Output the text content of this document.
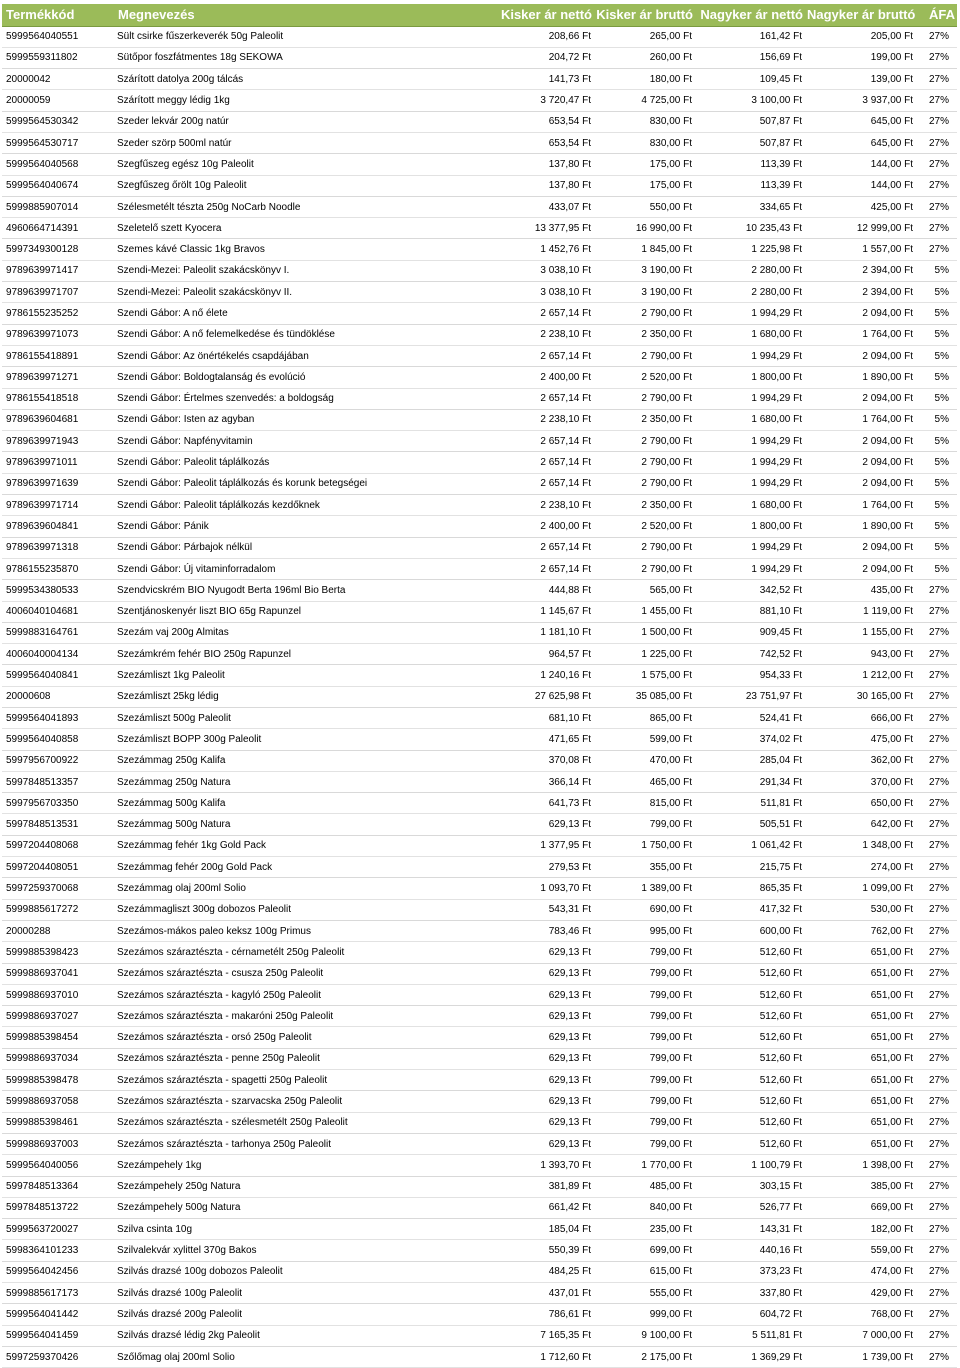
Termékkód	Megnevezés	Kisker ár nettó	Kisker ár bruttó	Nagyker ár nettó	Nagyker ár bruttó	ÁFA
5999564040551	Sült csirke fűszerkeverék 50g Paleolit	208,66 Ft	265,00 Ft	161,42 Ft	205,00 Ft	27%
5999559311802	Sütőpor foszfátmentes 18g SEKOWA	204,72 Ft	260,00 Ft	156,69 Ft	199,00 Ft	27%
20000042	Szárított datolya 200g tálcás	141,73 Ft	180,00 Ft	109,45 Ft	139,00 Ft	27%
20000059	Szárított meggy lédig 1kg	3 720,47 Ft	4 725,00 Ft	3 100,00 Ft	3 937,00 Ft	27%
5999564530342	Szeder lekvár 200g natúr	653,54 Ft	830,00 Ft	507,87 Ft	645,00 Ft	27%
5999564530717	Szeder szörp 500ml natúr	653,54 Ft	830,00 Ft	507,87 Ft	645,00 Ft	27%
5999564040568	Szegfűszeg egész 10g Paleolit	137,80 Ft	175,00 Ft	113,39 Ft	144,00 Ft	27%
5999564040674	Szegfűszeg őrölt 10g Paleolit	137,80 Ft	175,00 Ft	113,39 Ft	144,00 Ft	27%
5999885907014	Szélesmetélt tészta 250g NoCarb Noodle	433,07 Ft	550,00 Ft	334,65 Ft	425,00 Ft	27%
4960664714391	Szeletelő szett Kyocera	13 377,95 Ft	16 990,00 Ft	10 235,43 Ft	12 999,00 Ft	27%
5997349300128	Szemes kávé Classic 1kg Bravos	1 452,76 Ft	1 845,00 Ft	1 225,98 Ft	1 557,00 Ft	27%
9789639971417	Szendi-Mezei: Paleolit szakácskönyv I.	3 038,10 Ft	3 190,00 Ft	2 280,00 Ft	2 394,00 Ft	5%
9789639971707	Szendi-Mezei: Paleolit szakácskönyv II.	3 038,10 Ft	3 190,00 Ft	2 280,00 Ft	2 394,00 Ft	5%
9786155235252	Szendi Gábor: A nő élete	2 657,14 Ft	2 790,00 Ft	1 994,29 Ft	2 094,00 Ft	5%
9789639971073	Szendi Gábor: A nő felemelkedése és tündöklése	2 238,10 Ft	2 350,00 Ft	1 680,00 Ft	1 764,00 Ft	5%
9786155418891	Szendi Gábor: Az önértékelés csapdájában	2 657,14 Ft	2 790,00 Ft	1 994,29 Ft	2 094,00 Ft	5%
9789639971271	Szendi Gábor: Boldogtalanság és evolúció	2 400,00 Ft	2 520,00 Ft	1 800,00 Ft	1 890,00 Ft	5%
9786155418518	Szendi Gábor: Értelmes szenvedés: a boldogság	2 657,14 Ft	2 790,00 Ft	1 994,29 Ft	2 094,00 Ft	5%
9789639604681	Szendi Gábor: Isten az agyban	2 238,10 Ft	2 350,00 Ft	1 680,00 Ft	1 764,00 Ft	5%
9789639971943	Szendi Gábor: Napfényvitamin	2 657,14 Ft	2 790,00 Ft	1 994,29 Ft	2 094,00 Ft	5%
9789639971011	Szendi Gábor: Paleolit táplálkozás	2 657,14 Ft	2 790,00 Ft	1 994,29 Ft	2 094,00 Ft	5%
9789639971639	Szendi Gábor: Paleolit táplálkozás és korunk betegségei	2 657,14 Ft	2 790,00 Ft	1 994,29 Ft	2 094,00 Ft	5%
9789639971714	Szendi Gábor: Paleolit táplálkozás kezdőknek	2 238,10 Ft	2 350,00 Ft	1 680,00 Ft	1 764,00 Ft	5%
9789639604841	Szendi Gábor: Pánik	2 400,00 Ft	2 520,00 Ft	1 800,00 Ft	1 890,00 Ft	5%
9789639971318	Szendi Gábor: Párbajok nélkül	2 657,14 Ft	2 790,00 Ft	1 994,29 Ft	2 094,00 Ft	5%
9786155235870	Szendi Gábor: Új vitaminforradalom	2 657,14 Ft	2 790,00 Ft	1 994,29 Ft	2 094,00 Ft	5%
5999534380533	Szendvicskrém BIO Nyugodt Berta 196ml Bio Berta	444,88 Ft	565,00 Ft	342,52 Ft	435,00 Ft	27%
4006040104681	Szentjánoskenyér liszt BIO 65g Rapunzel	1 145,67 Ft	1 455,00 Ft	881,10 Ft	1 119,00 Ft	27%
5999883164761	Szezám vaj 200g Almitas	1 181,10 Ft	1 500,00 Ft	909,45 Ft	1 155,00 Ft	27%
4006040004134	Szezámkrém fehér BIO 250g Rapunzel	964,57 Ft	1 225,00 Ft	742,52 Ft	943,00 Ft	27%
5999564040841	Szezámliszt 1kg Paleolit	1 240,16 Ft	1 575,00 Ft	954,33 Ft	1 212,00 Ft	27%
20000608	Szezámliszt 25kg lédig	27 625,98 Ft	35 085,00 Ft	23 751,97 Ft	30 165,00 Ft	27%
5999564041893	Szezámliszt 500g Paleolit	681,10 Ft	865,00 Ft	524,41 Ft	666,00 Ft	27%
5999564040858	Szezámliszt BOPP 300g Paleolit	471,65 Ft	599,00 Ft	374,02 Ft	475,00 Ft	27%
5997956700922	Szezámmag 250g Kalifa	370,08 Ft	470,00 Ft	285,04 Ft	362,00 Ft	27%
5997848513357	Szezámmag 250g Natura	366,14 Ft	465,00 Ft	291,34 Ft	370,00 Ft	27%
5997956703350	Szezámmag 500g Kalifa	641,73 Ft	815,00 Ft	511,81 Ft	650,00 Ft	27%
5997848513531	Szezámmag 500g Natura	629,13 Ft	799,00 Ft	505,51 Ft	642,00 Ft	27%
5997204408068	Szezámmag fehér 1kg Gold Pack	1 377,95 Ft	1 750,00 Ft	1 061,42 Ft	1 348,00 Ft	27%
5997204408051	Szezámmag fehér 200g Gold Pack	279,53 Ft	355,00 Ft	215,75 Ft	274,00 Ft	27%
5997259370068	Szezámmag olaj 200ml Solio	1 093,70 Ft	1 389,00 Ft	865,35 Ft	1 099,00 Ft	27%
5999885617272	Szezámmagliszt 300g dobozos Paleolit	543,31 Ft	690,00 Ft	417,32 Ft	530,00 Ft	27%
20000288	Szezámos-mákos paleo keksz 100g Primus	783,46 Ft	995,00 Ft	600,00 Ft	762,00 Ft	27%
5999885398423	Szezámos száraztészta - cérnametélt 250g Paleolit	629,13 Ft	799,00 Ft	512,60 Ft	651,00 Ft	27%
5999886937041	Szezámos száraztészta - csusza 250g Paleolit	629,13 Ft	799,00 Ft	512,60 Ft	651,00 Ft	27%
5999886937010	Szezámos száraztészta - kagyló 250g Paleolit	629,13 Ft	799,00 Ft	512,60 Ft	651,00 Ft	27%
5999886937027	Szezámos száraztészta - makaróni 250g Paleolit	629,13 Ft	799,00 Ft	512,60 Ft	651,00 Ft	27%
5999885398454	Szezámos száraztészta - orsó 250g Paleolit	629,13 Ft	799,00 Ft	512,60 Ft	651,00 Ft	27%
5999886937034	Szezámos száraztészta - penne 250g Paleolit	629,13 Ft	799,00 Ft	512,60 Ft	651,00 Ft	27%
5999885398478	Szezámos száraztészta - spagetti 250g Paleolit	629,13 Ft	799,00 Ft	512,60 Ft	651,00 Ft	27%
5999886937058	Szezámos száraztészta - szarvacska 250g Paleolit	629,13 Ft	799,00 Ft	512,60 Ft	651,00 Ft	27%
5999885398461	Szezámos száraztészta - szélesmetélt 250g Paleolit	629,13 Ft	799,00 Ft	512,60 Ft	651,00 Ft	27%
5999886937003	Szezámos száraztészta - tarhonya 250g Paleolit	629,13 Ft	799,00 Ft	512,60 Ft	651,00 Ft	27%
5999564040056	Szezámpehely 1kg	1 393,70 Ft	1 770,00 Ft	1 100,79 Ft	1 398,00 Ft	27%
5997848513364	Szezámpehely 250g Natura	381,89 Ft	485,00 Ft	303,15 Ft	385,00 Ft	27%
5997848513722	Szezámpehely 500g Natura	661,42 Ft	840,00 Ft	526,77 Ft	669,00 Ft	27%
5999563720027	Szilva csinta 10g	185,04 Ft	235,00 Ft	143,31 Ft	182,00 Ft	27%
5998364101233	Szilvalekvár xylittel 370g Bakos	550,39 Ft	699,00 Ft	440,16 Ft	559,00 Ft	27%
5999564042456	Szilvás drazsé 100g dobozos Paleolit	484,25 Ft	615,00 Ft	373,23 Ft	474,00 Ft	27%
5999885617173	Szilvás drazsé 100g Paleolit	437,01 Ft	555,00 Ft	337,80 Ft	429,00 Ft	27%
5999564041442	Szilvás drazsé 200g Paleolit	786,61 Ft	999,00 Ft	604,72 Ft	768,00 Ft	27%
5999564041459	Szilvás drazsé lédig 2kg Paleolit	7 165,35 Ft	9 100,00 Ft	5 511,81 Ft	7 000,00 Ft	27%
5997259370426	Szőlőmag olaj 200ml Solio	1 712,60 Ft	2 175,00 Ft	1 369,29 Ft	1 739,00 Ft	27%
